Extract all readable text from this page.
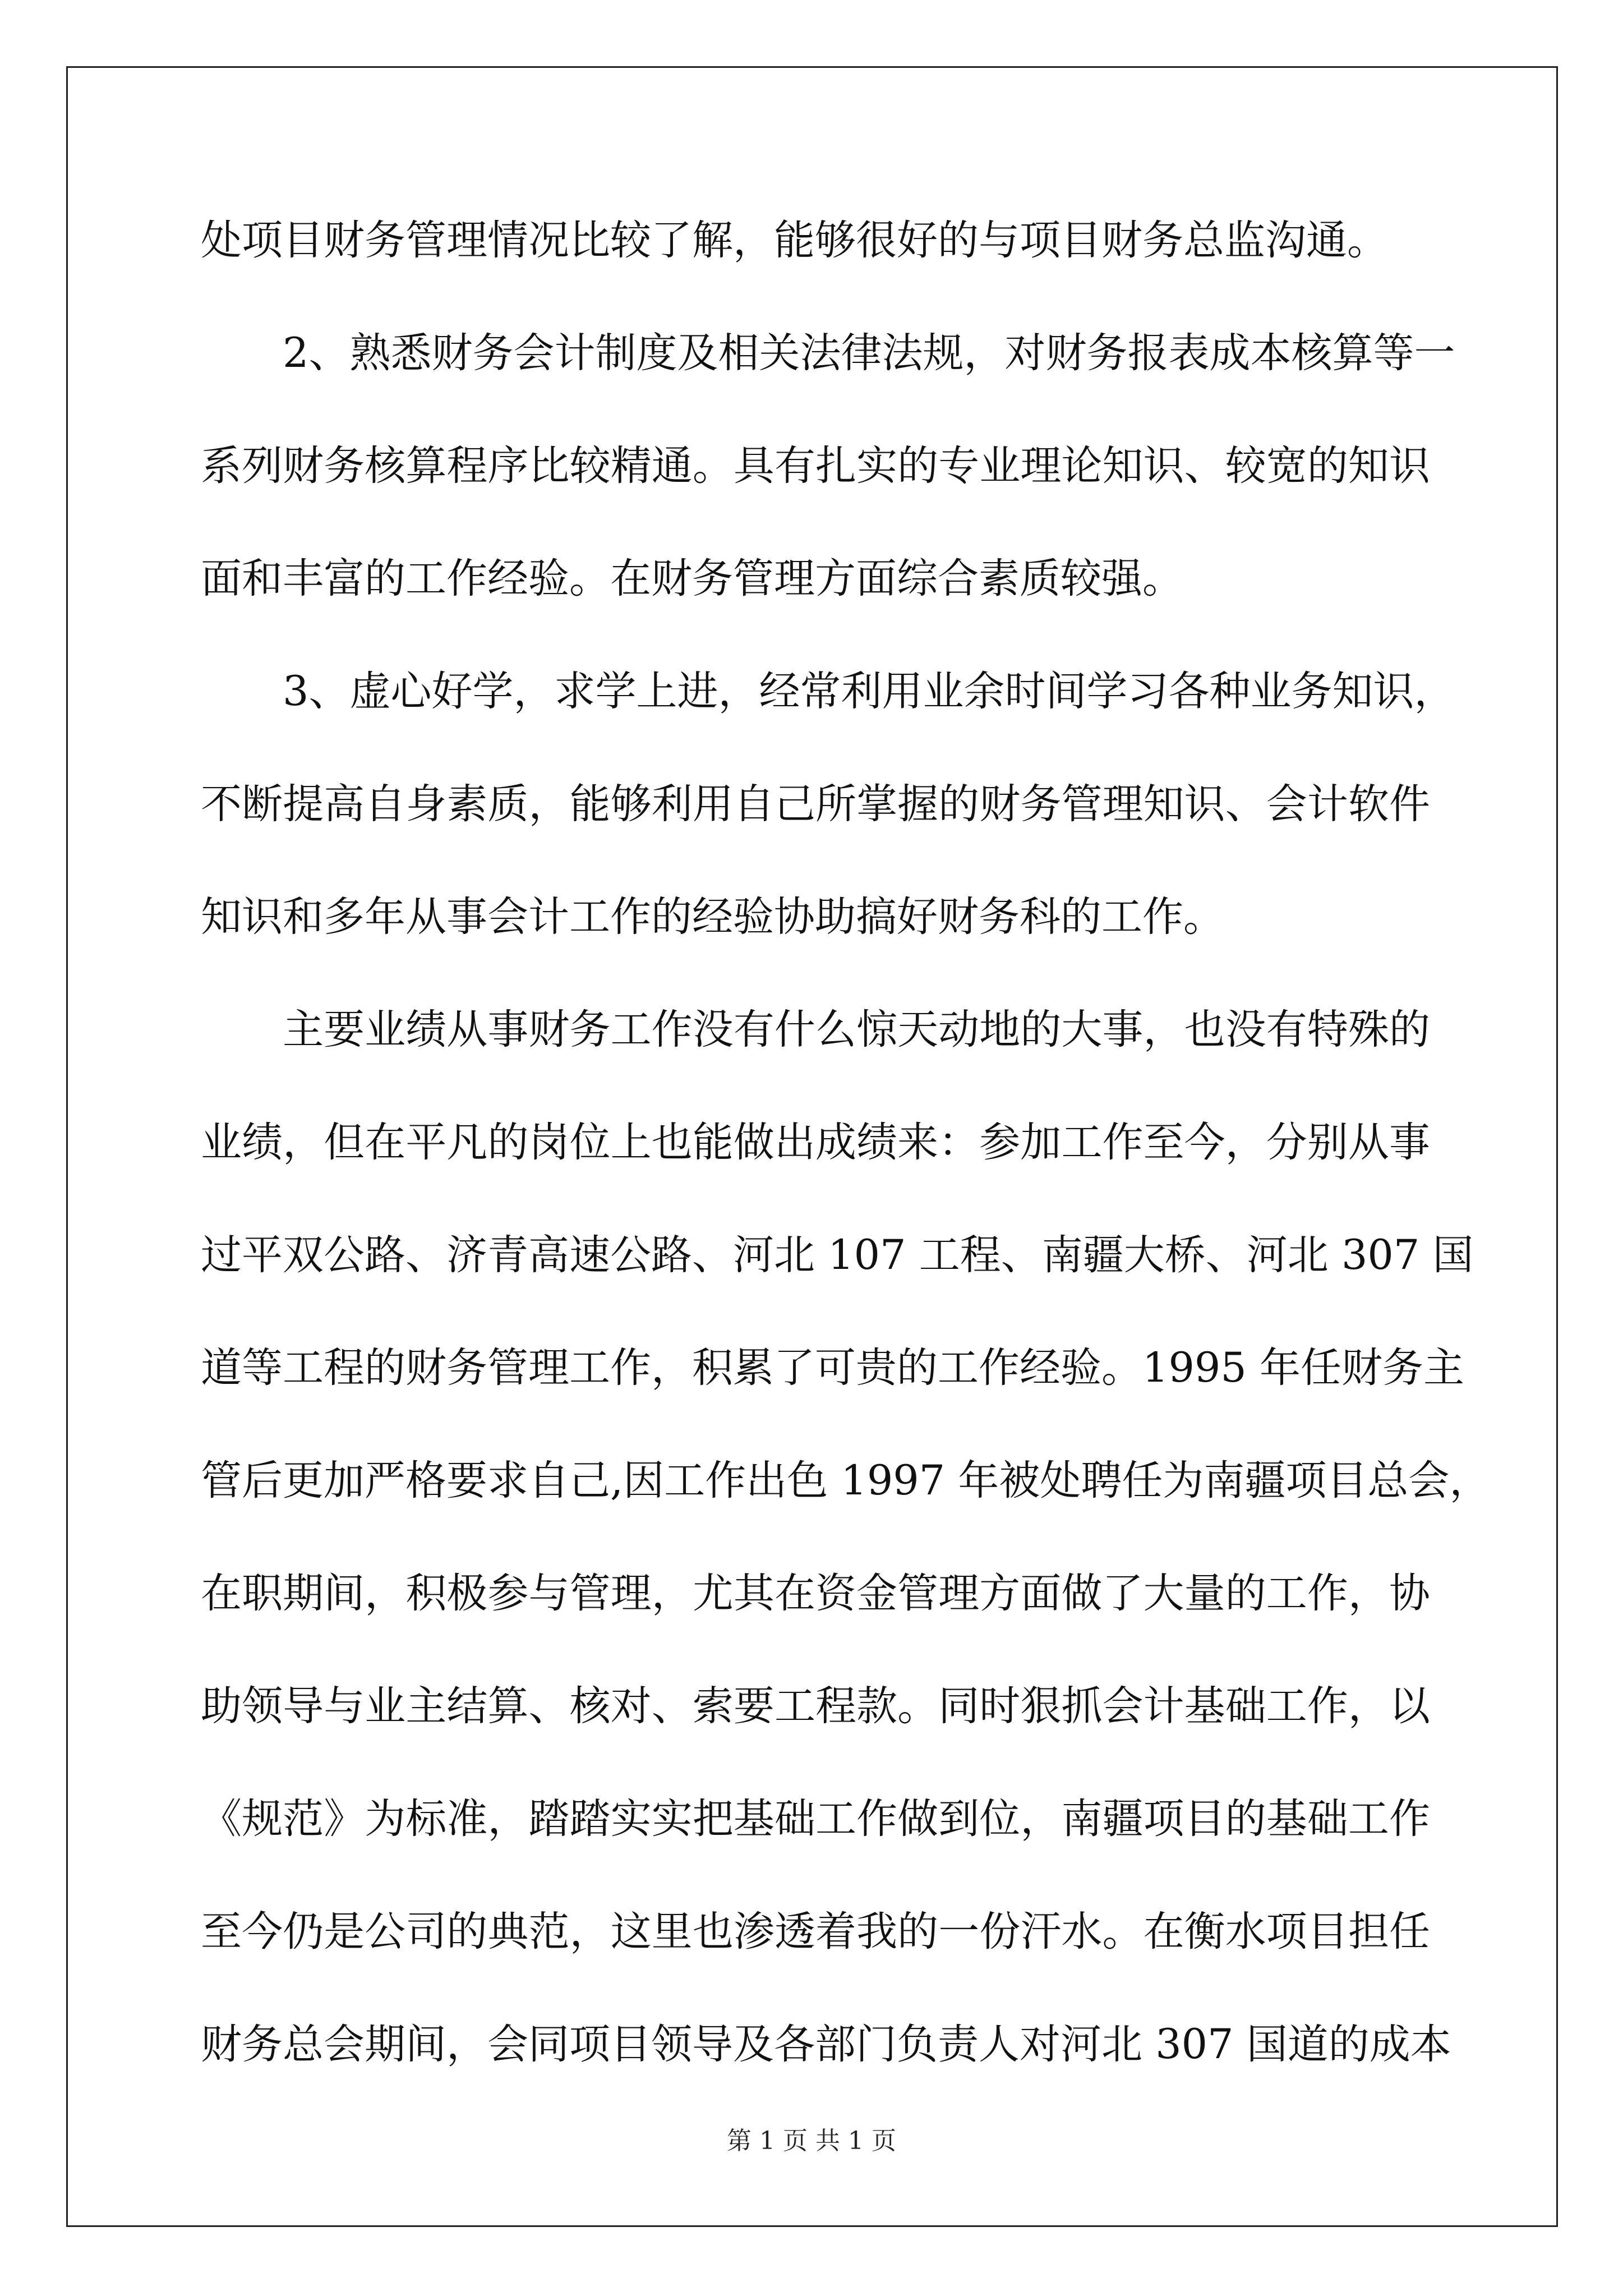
处项目财务管理情况比较了解，能够很好的与项目财务总监沟通。
2、熟悉财务会计制度及相关法律法规，对财务报表成本核算等一
系列财务核算程序比较精通。具有扎实的专业理论知识、较宽的知识
面和丰富的工作经验。在财务管理方面综合素质较强。
3、虚心好学，求学上进，经常利用业余时间学习各种业务知识，
不断提高自身素质，能够利用自己所掌握的财务管理知识、会计软件
知识和多年从事会计工作的经验协助搞好财务科的工作。
主要业绩从事财务工作没有什么惊天动地的大事，也没有特殊的
业绩，但在平凡的岗位上也能做出成绩来：参加工作至今，分别从事
过平双公路、济青高速公路、河北 107 工程、南疆大桥、河北 307 国
道等工程的财务管理工作，积累了可贵的工作经验。1995 年任财务主
管后更加严格要求自己,因工作出色 1997 年被处聘任为南疆项目总会，
在职期间，积极参与管理，尤其在资金管理方面做了大量的工作，协
助领导与业主结算、核对、索要工程款。同时狠抓会计基础工作，以
《规范》为标准，踏踏实实把基础工作做到位，南疆项目的基础工作
至今仍是公司的典范，这里也渗透着我的一份汗水。在衡水项目担任
财务总会期间，会同项目领导及各部门负责人对河北 307 国道的成本
第 1 页 共 1 页
